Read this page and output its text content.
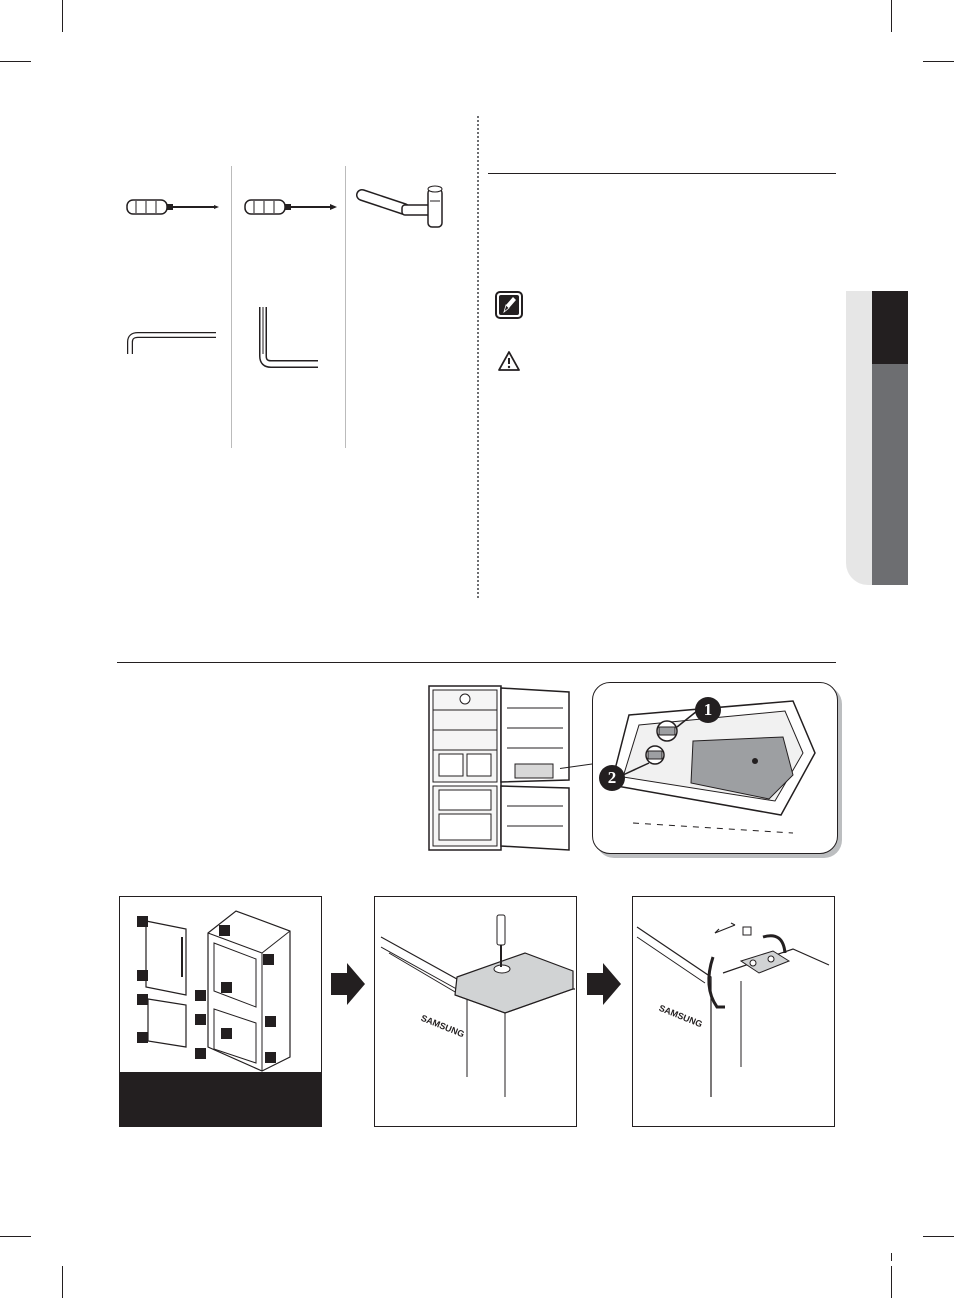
1
2
SAMSUNG	SAMSUNG
